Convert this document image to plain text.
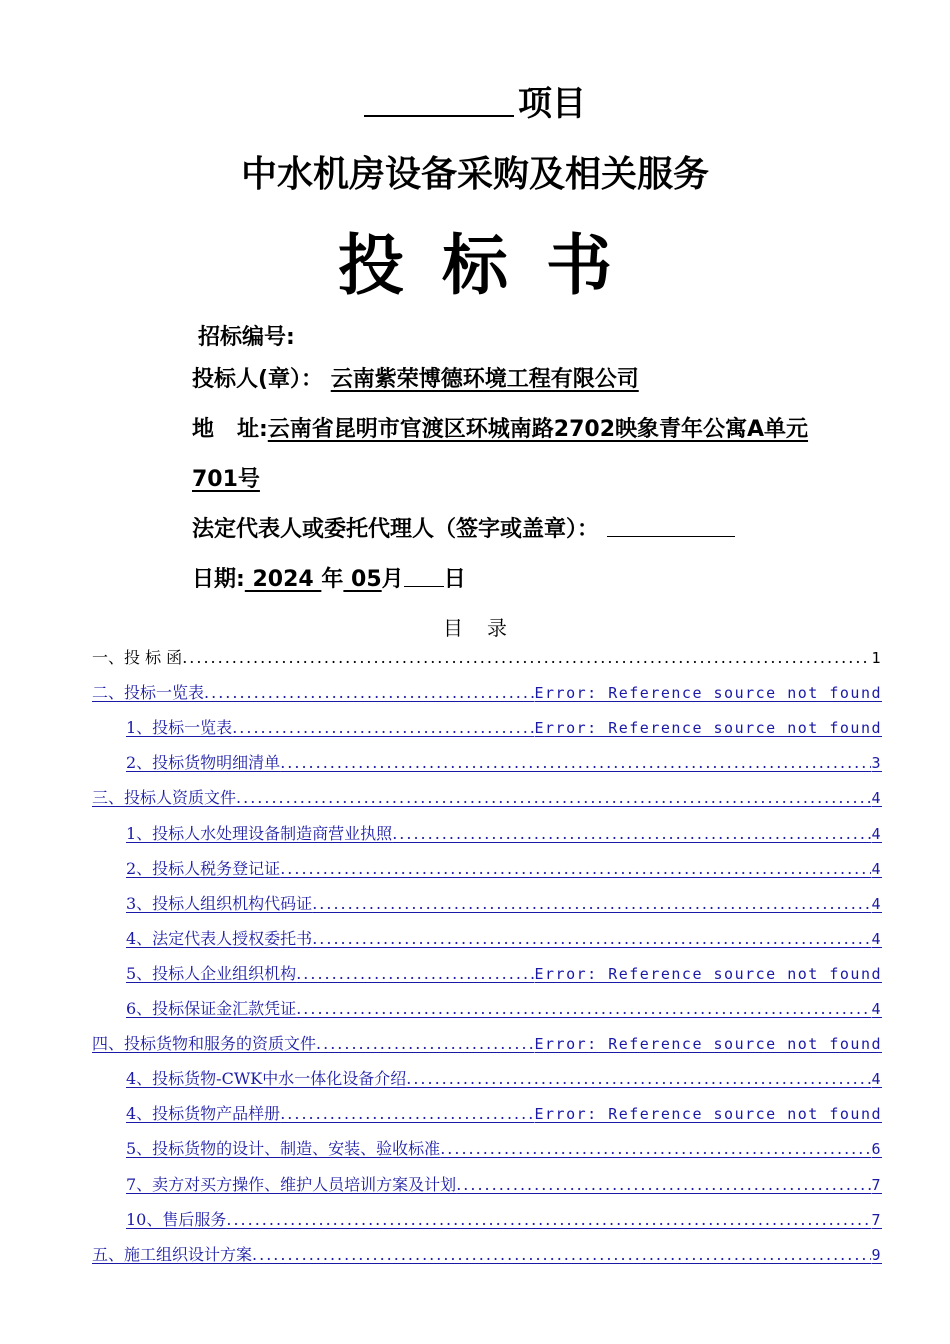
项目
中水机房设备采购及相关服务
投标书
招标编号:
投标人(章）： 云南紫荣博德环境工程有限公司
地   址:云南省昆明市官渡区环城南路2702映象青年公寓A单元
701号
法定代表人或委托代理人（签字或盖章）：
日期: 2024 年 05月 日
目录
一、投 标 函 .....	1
二、投标一览表 .....	Error: Reference source not found
1、投标一览表 .....	Error: Reference source not found
2、投标货物明细清单 .....	3
三、投标人资质文件 .....	4
1、投标人水处理设备制造商营业执照 .....	4
2、投标人税务登记证 .....	4
3、投标人组织机构代码证 .....	4
4、法定代表人授权委托书 .....	4
5、投标人企业组织机构 .....	Error: Reference source not found
6、投标保证金汇款凭证 .....	4
四、投标货物和服务的资质文件 .....	Error: Reference source not found
4、投标货物-CWK中水一体化设备介绍 .....	4
4、投标货物产品样册 .....	Error: Reference source not found
5、投标货物的设计、制造、安装、验收标准 .....	6
7、卖方对买方操作、维护人员培训方案及计划 .....	7
10、售后服务 .....	7
五、施工组织设计方案 .....	9
